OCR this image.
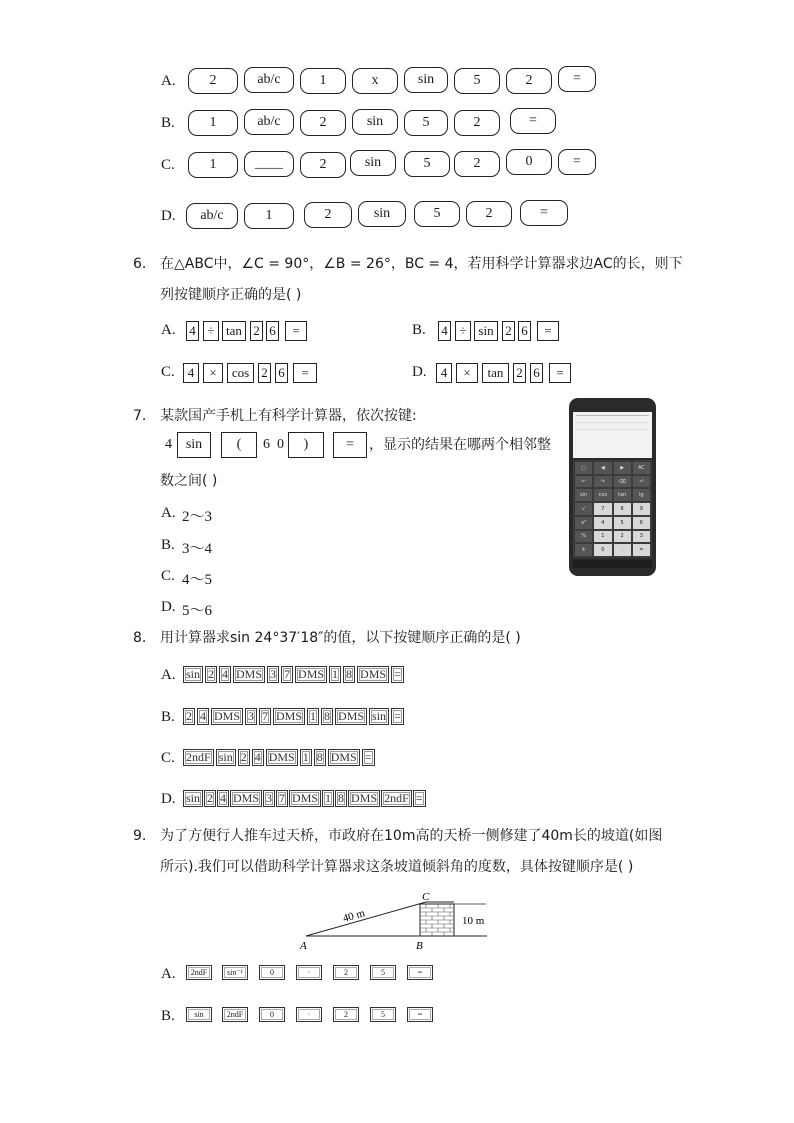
A.	2	ab/c	1	x	sin	5	2	=
B.	1	ab/c	2	sin	5	2	=
C.	1	____	2	sin	5	2	0	=
D.	ab/c	1	2	sin	5	2	=
6. 在△ABC中，∠C = 90°，∠B = 26°，BC = 4，若用科学计算器求边AC的长，则下
列按键顺序正确的是( )
A. 4 ÷ tan 2 6	=	B. 4 ÷ sin 2 6	=
C. 4	×	cos 2 6	=	D.	4	×	tan 2 6	=
7. 某款国产手机上有科学计算器，依次按键:
4 sin	(	6 0	)	=	，显示的结果在哪两个相邻整
数之间( )
A. 2～3
B. 3～4
C. 4～5
D. 5～6
□	◀	▶	AC
↶	↷	⌫	⏎
sin	cos	tan	lg
√	7	8	9
x²	4	5	6
%	1	2	3
±	0	.	=
8. 用计算器求sin 24°37′18″的值，以下按键顺序正确的是( )
A. sin 2 4 DMS 3 7 DMS 1 8 DMS =
B. 2 4 DMS 3 7 DMS 1 8 DMS sin =
C. 2ndF sin 2 4 DMS 1 8 DMS =
D. sin 2 4 DMS 3 7 DMS 1 8 DMS 2ndF =
9. 为了方便行人推车过天桥，市政府在10m高的天桥一侧修建了40m长的坡道(如图
所示).我们可以借助科学计算器求这条坡道倾斜角的度数，具体按键顺序是( )
40 m	10 m
A	B
C
A.	2ndF	sin⁻¹	0	·	2	5	=
B.	sin	2ndF	0	·	2	5	=
